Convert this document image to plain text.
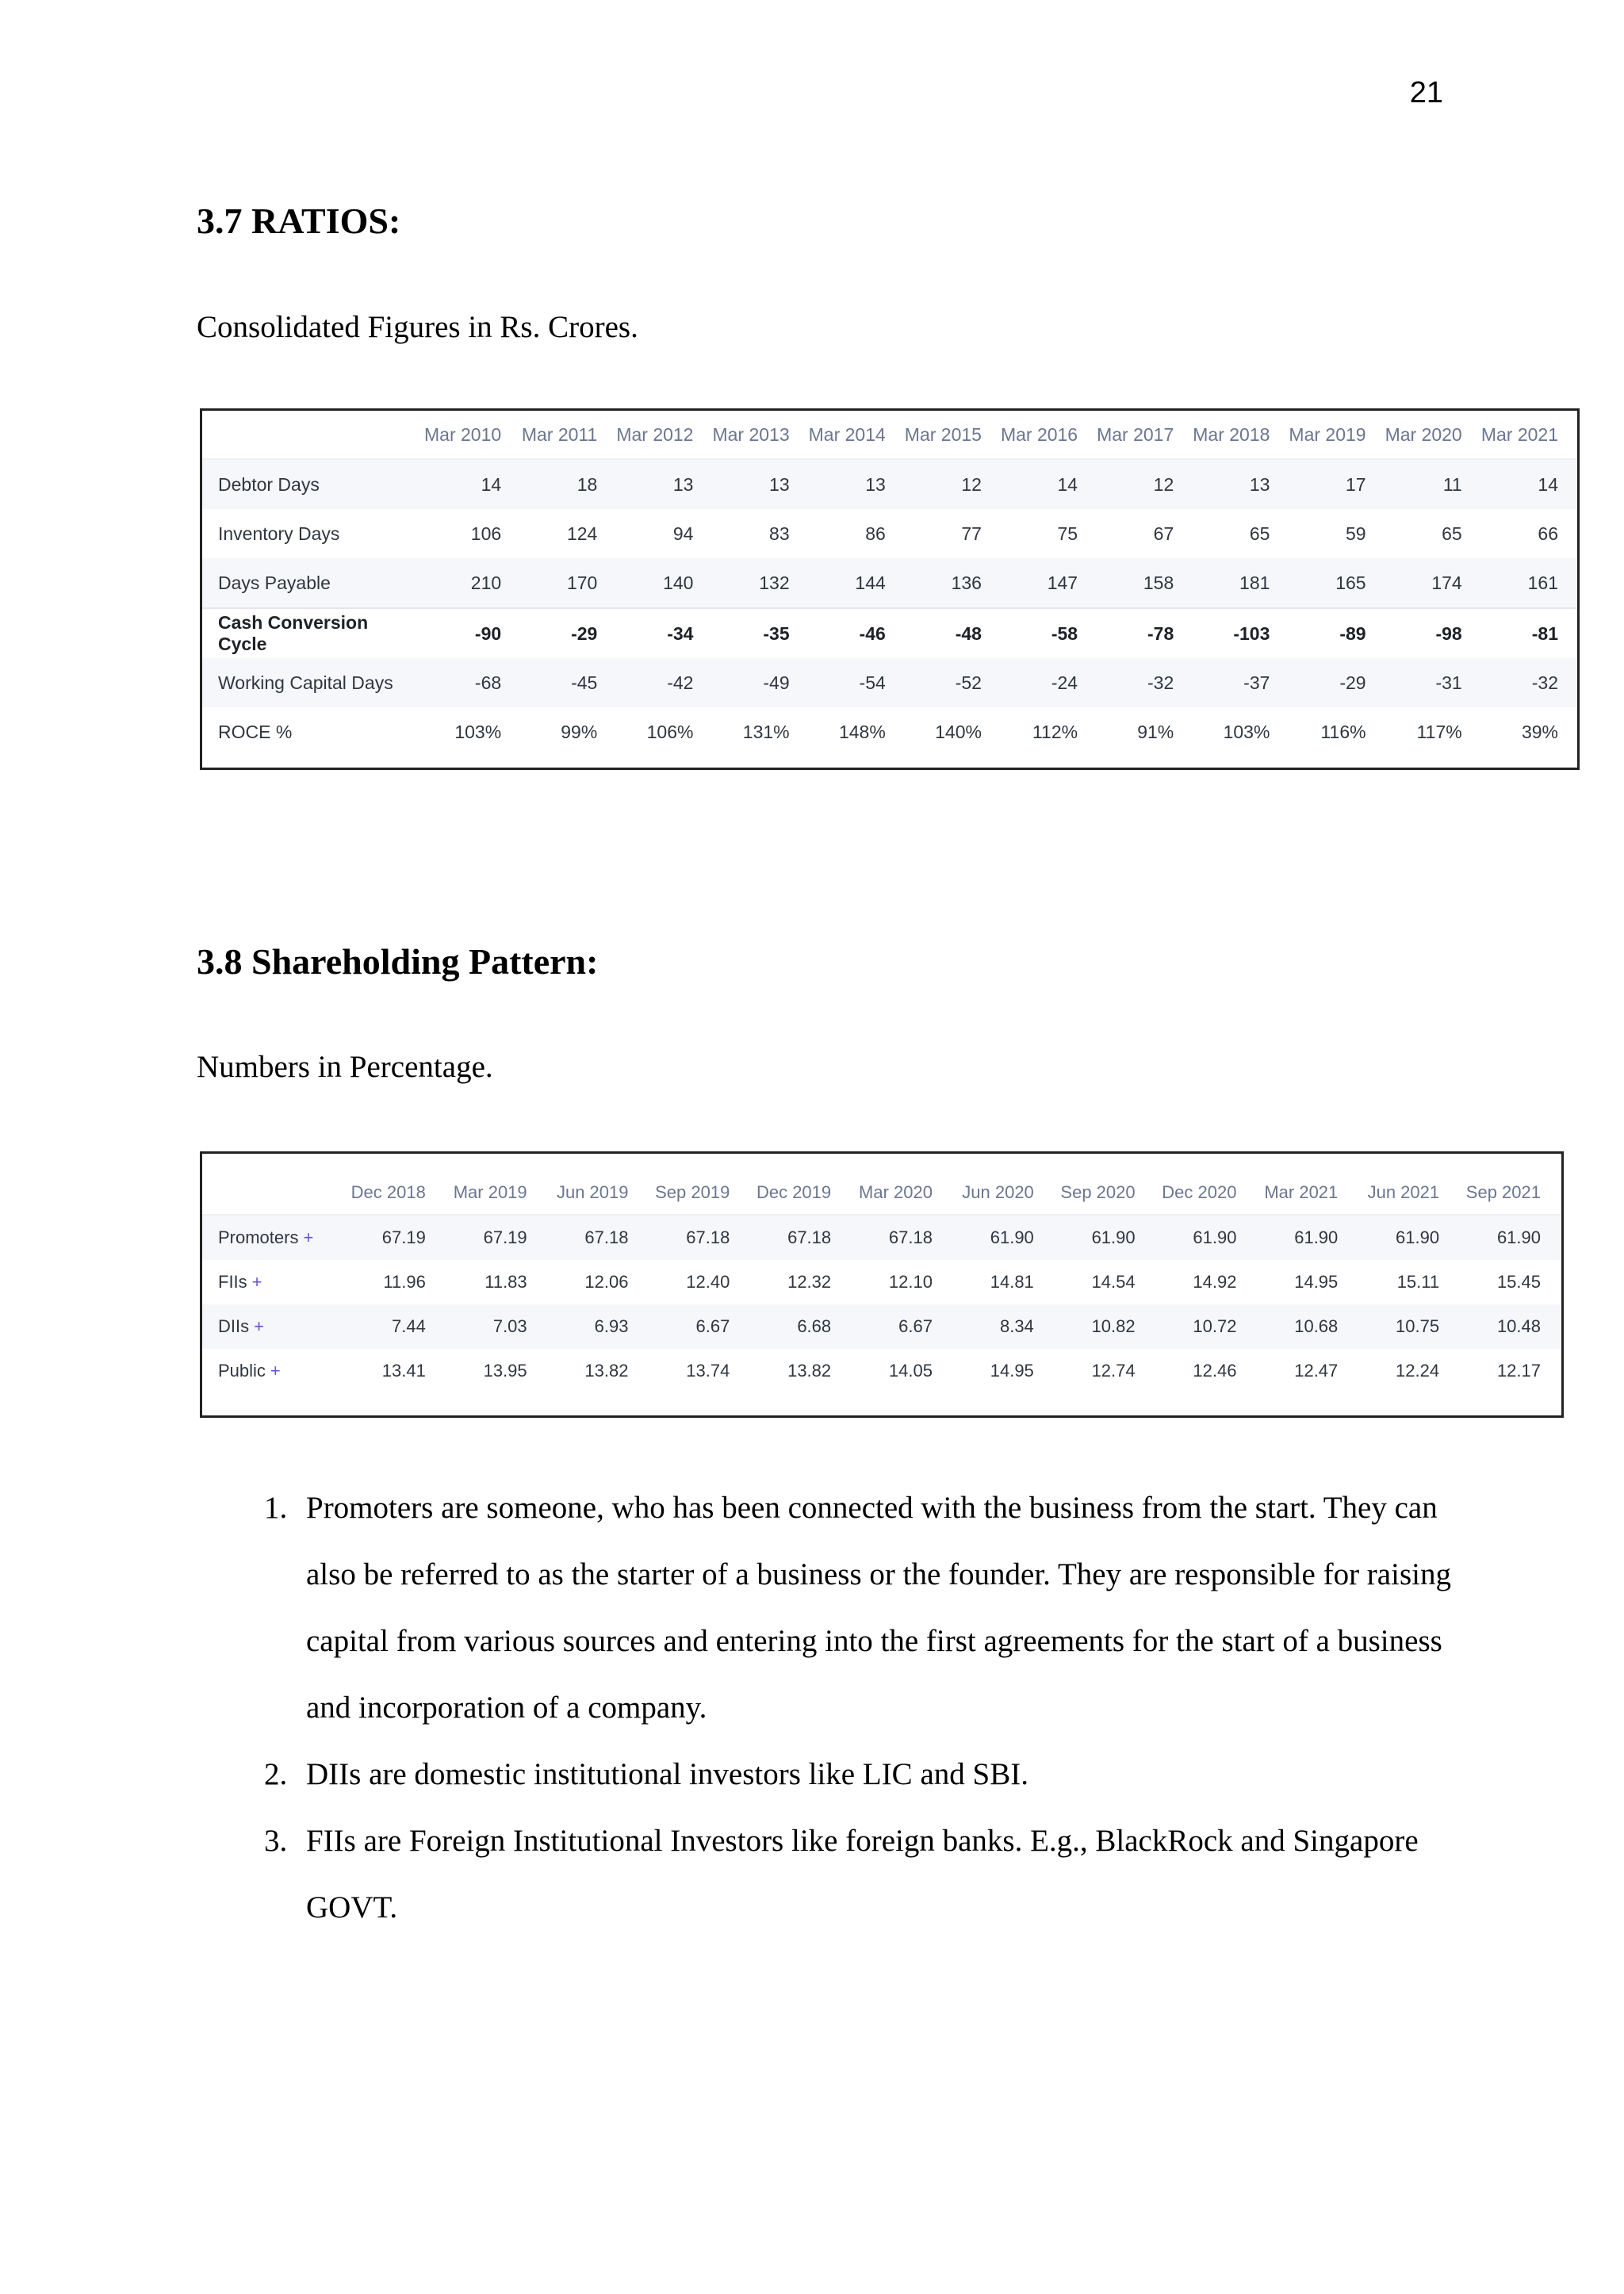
21
3.7 RATIOS:

Consolidated Figures in Rs. Crores.

	Mar 2010	Mar 2011	Mar 2012	Mar 2013	Mar 2014	Mar 2015	Mar 2016	Mar 2017	Mar 2018	Mar 2019	Mar 2020	Mar 2021
Debtor Days	14	18	13	13	13	12	14	12	13	17	11	14
Inventory Days	106	124	94	83	86	77	75	67	65	59	65	66
Days Payable	210	170	140	132	144	136	147	158	181	165	174	161
Cash Conversion Cycle	-90	-29	-34	-35	-46	-48	-58	-78	-103	-89	-98	-81
Working Capital Days	-68	-45	-42	-49	-54	-52	-24	-32	-37	-29	-31	-32
ROCE %	103%	99%	106%	131%	148%	140%	112%	91%	103%	116%	117%	39%
3.8 Shareholding Pattern:

Numbers in Percentage.

	Dec 2018	Mar 2019	Jun 2019	Sep 2019	Dec 2019	Mar 2020	Jun 2020	Sep 2020	Dec 2020	Mar 2021	Jun 2021	Sep 2021
Promoters +	67.19	67.19	67.18	67.18	67.18	67.18	61.90	61.90	61.90	61.90	61.90	61.90
FIIs +	11.96	11.83	12.06	12.40	12.32	12.10	14.81	14.54	14.92	14.95	15.11	15.45
DIIs +	7.44	7.03	6.93	6.67	6.68	6.67	8.34	10.82	10.72	10.68	10.75	10.48
Public +	13.41	13.95	13.82	13.74	13.82	14.05	14.95	12.74	12.46	12.47	12.24	12.17
1. Promoters are someone, who has been connected with the business from the start. They can also be referred to as the starter of a business or the founder. They are responsible for raising capital from various sources and entering into the first agreements for the start of a business and incorporation of a company.
2. DIIs are domestic institutional investors like LIC and SBI.
3. FIIs are Foreign Institutional Investors like foreign banks. E.g., BlackRock and Singapore GOVT.
